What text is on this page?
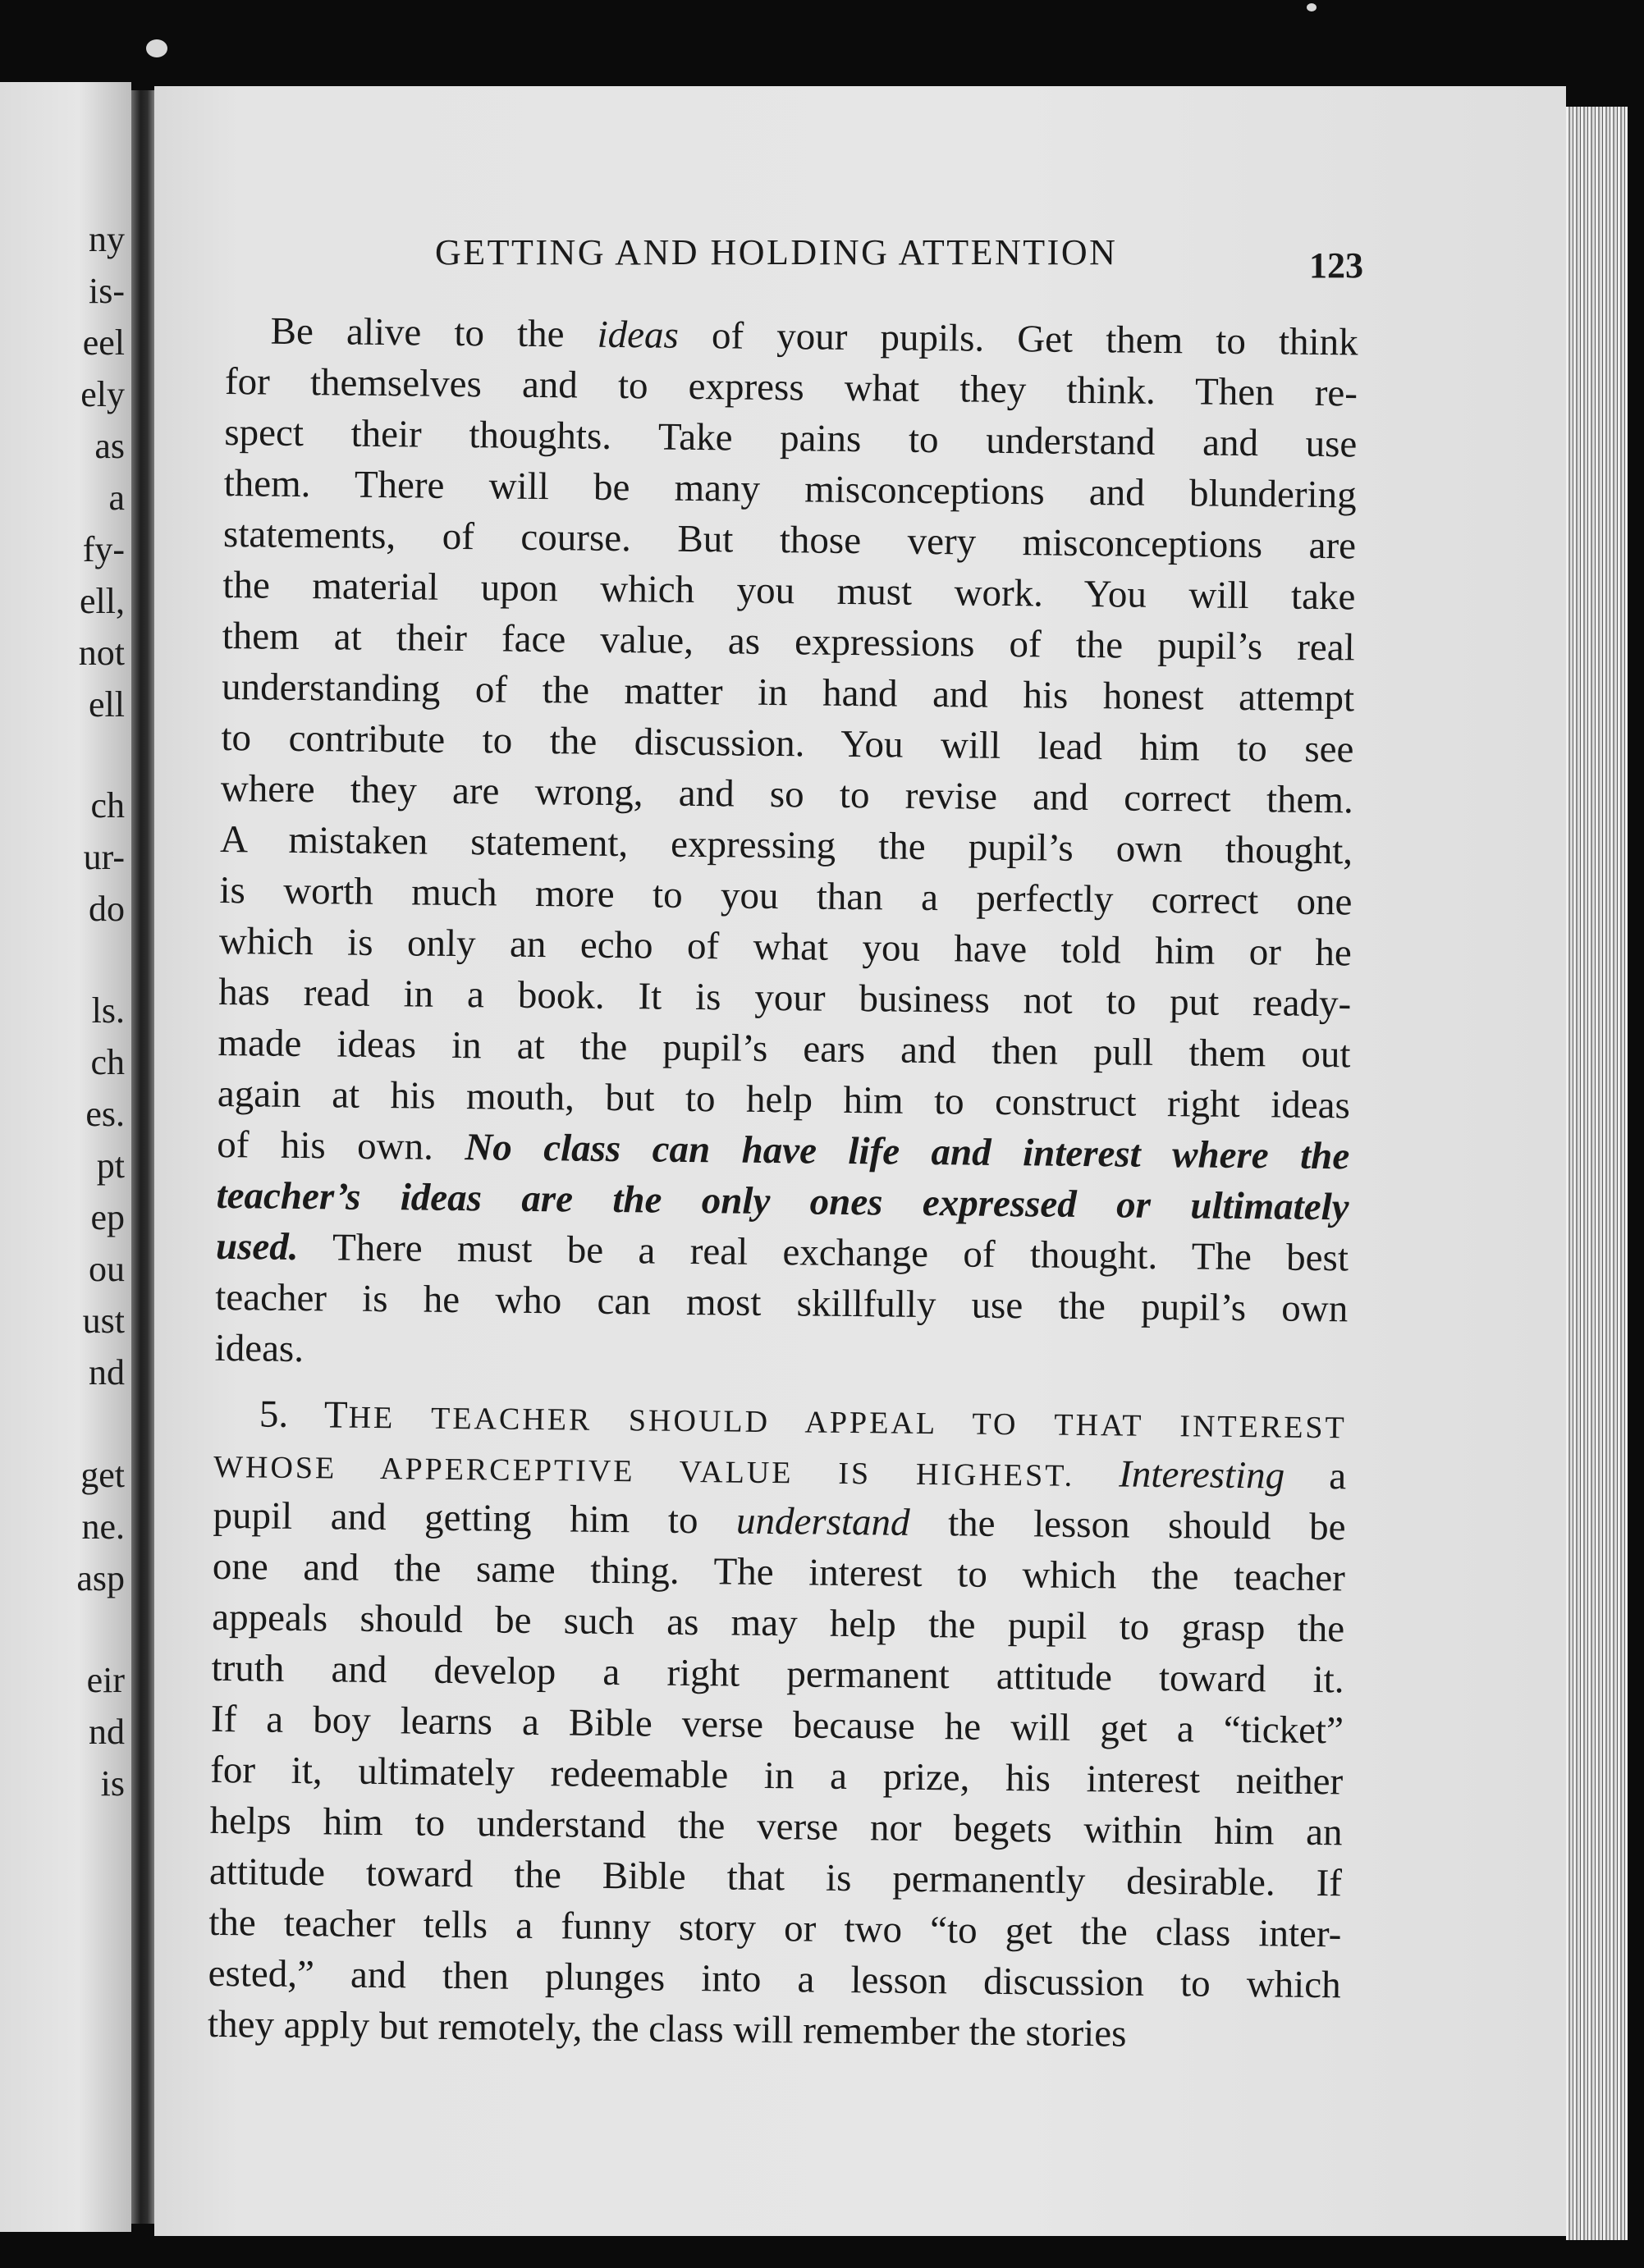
ny
is-
eel
ely
as
a
fy-
ell,
not
ell
ch
ur-
do
ls.
ch
es.
pt
ep
ou
ust
nd
get
ne.
asp
eir
nd
is
GETTING AND HOLDING ATTENTION	123
Be alive to the ideas of your pupils. Get them to think
for themselves and to express what they think. Then re-
spect their thoughts. Take pains to understand and use
them. There will be many misconceptions and blundering
statements, of course. But those very misconceptions are
the material upon which you must work. You will take
them at their face value, as expressions of the pupil’s real
understanding of the matter in hand and his honest attempt
to contribute to the discussion. You will lead him to see
where they are wrong, and so to revise and correct them.
A mistaken statement, expressing the pupil’s own thought,
is worth much more to you than a perfectly correct one
which is only an echo of what you have told him or he
has read in a book. It is your business not to put ready-
made ideas in at the pupil’s ears and then pull them out
again at his mouth, but to help him to construct right ideas
of his own. No class can have life and interest where the
teacher’s ideas are the only ones expressed or ultimately
used. There must be a real exchange of thought. The best
teacher is he who can most skillfully use the pupil’s own
ideas.
5. THE TEACHER SHOULD APPEAL TO THAT INTEREST
WHOSE APPERCEPTIVE VALUE IS HIGHEST. Interesting a
pupil and getting him to understand the lesson should be
one and the same thing. The interest to which the teacher
appeals should be such as may help the pupil to grasp the
truth and develop a right permanent attitude toward it.
If a boy learns a Bible verse because he will get a “ticket”
for it, ultimately redeemable in a prize, his interest neither
helps him to understand the verse nor begets within him an
attitude toward the Bible that is permanently desirable. If
the teacher tells a funny story or two “to get the class inter-
ested,” and then plunges into a lesson discussion to which
they apply but remotely, the class will remember the stories
